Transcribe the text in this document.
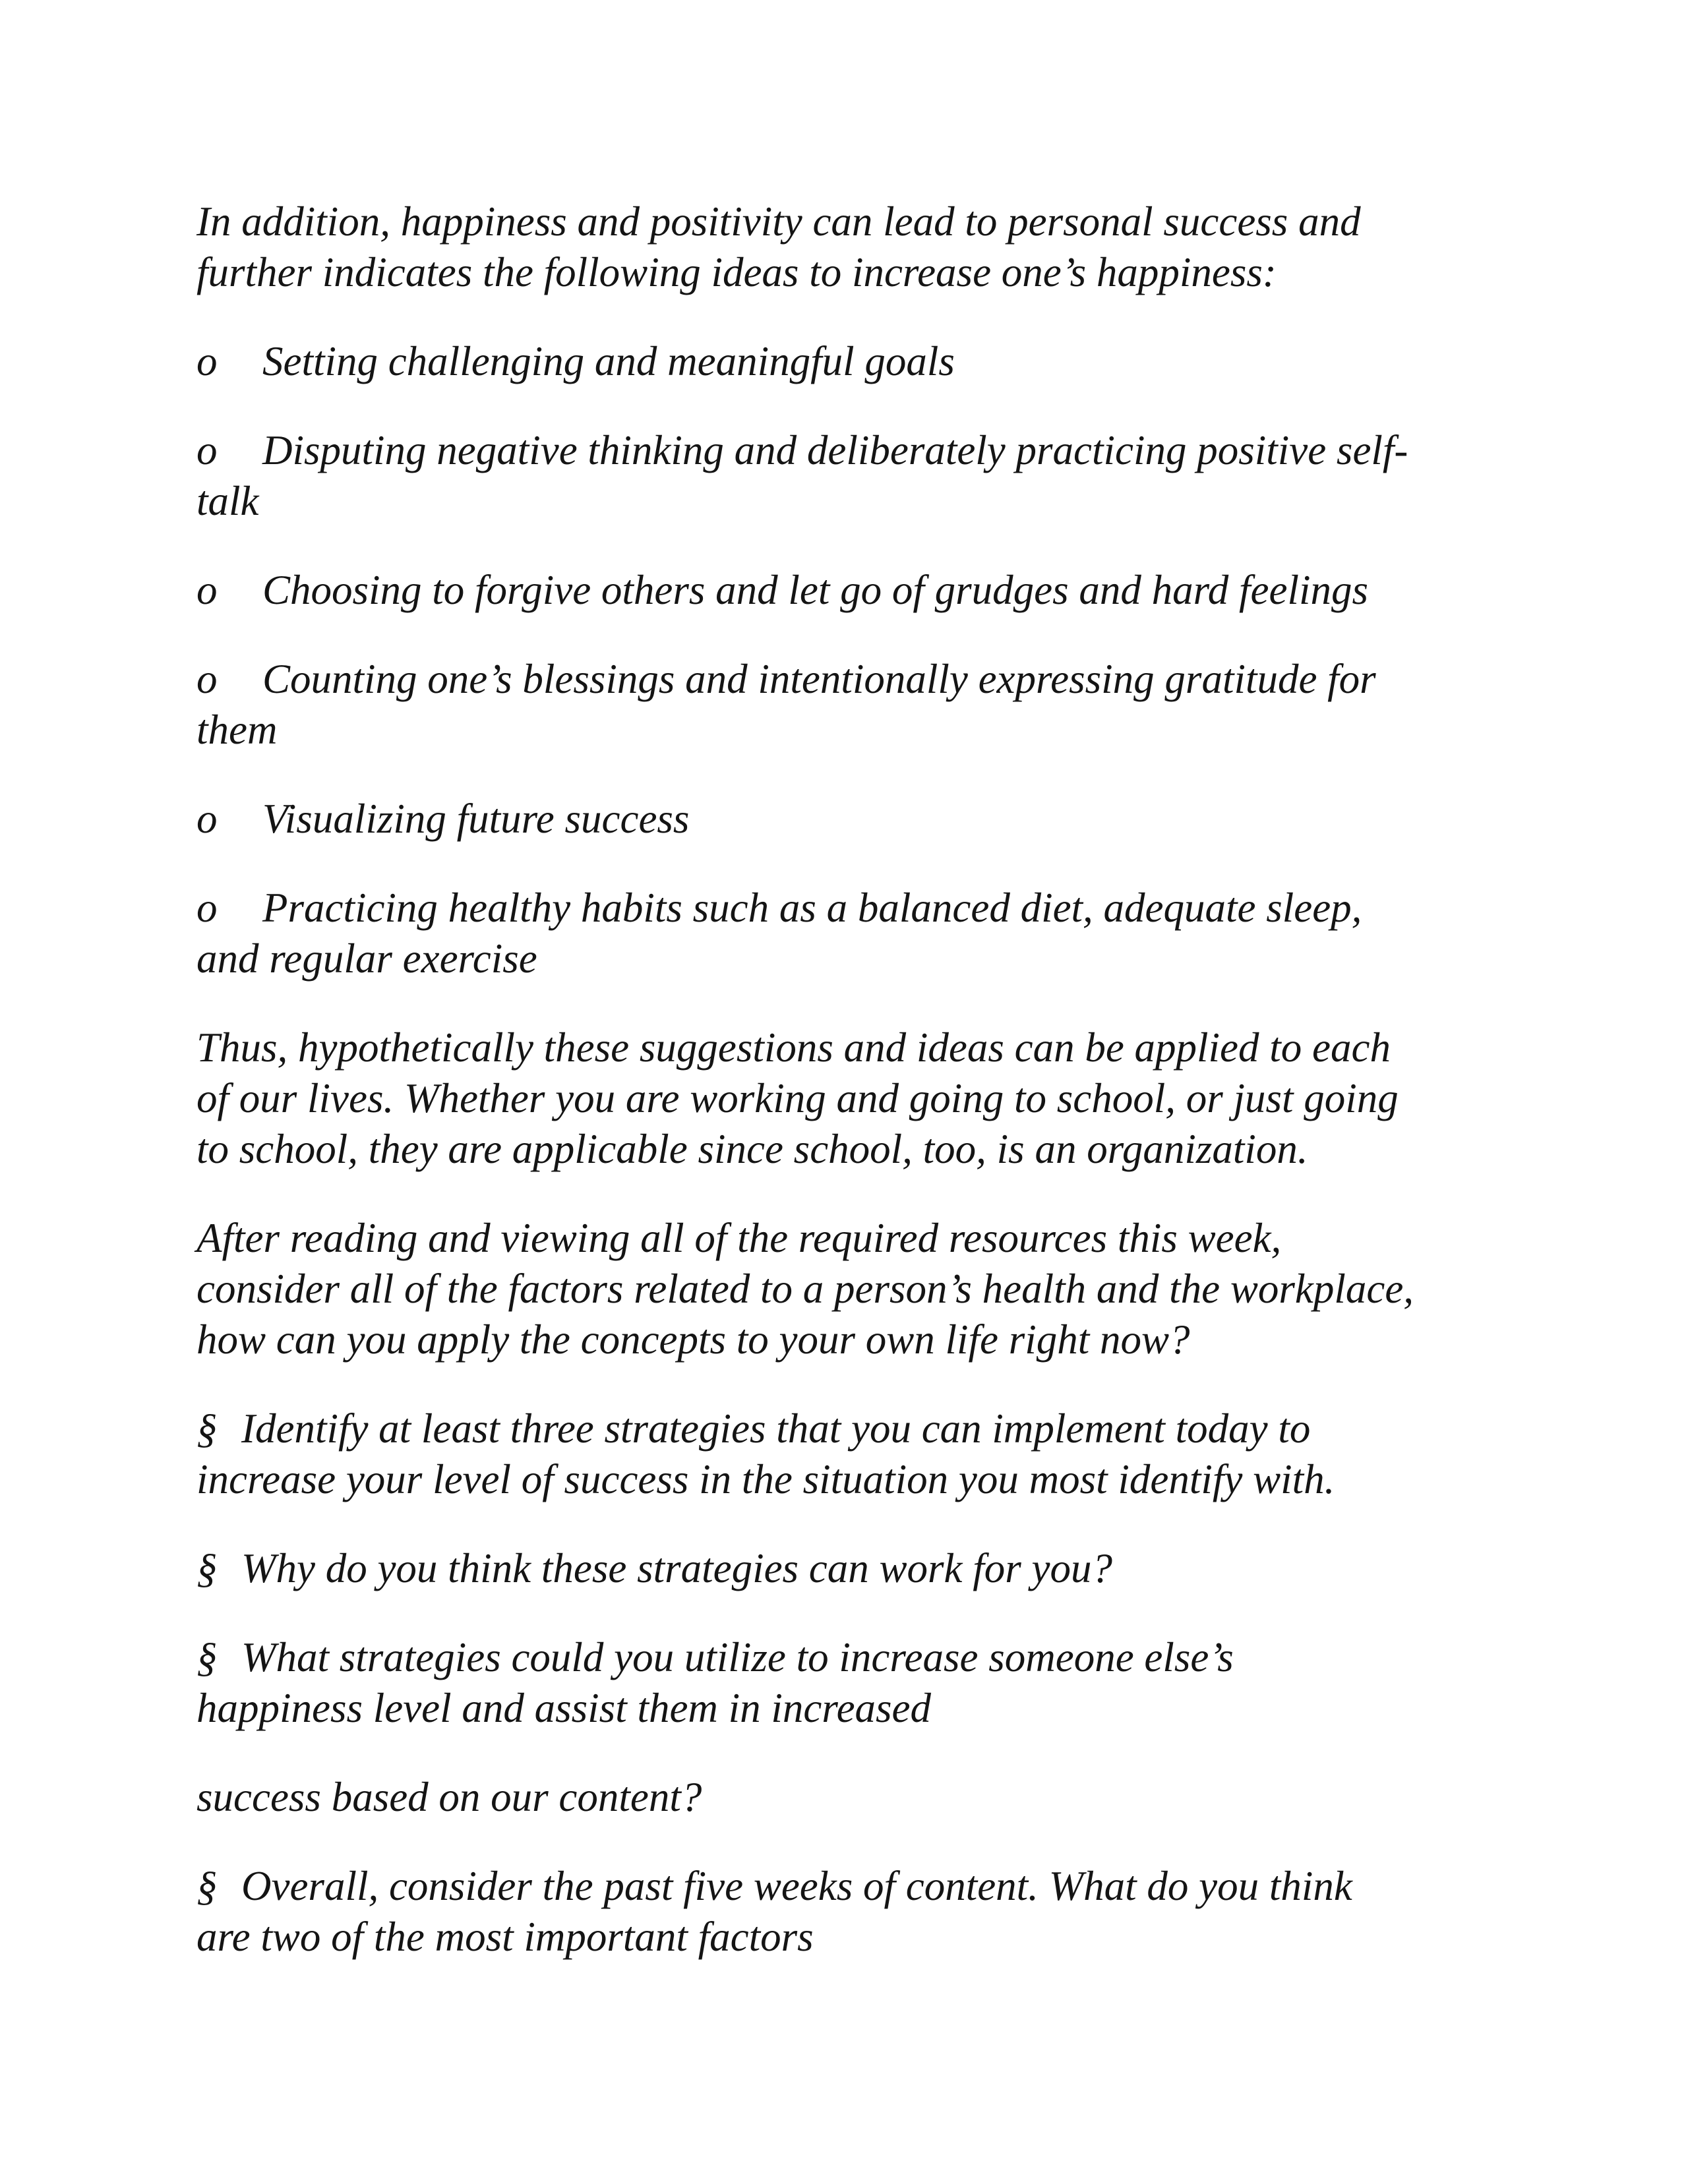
In addition, happiness and positivity can lead to personal success and
further indicates the following ideas to increase one’s happiness:

o Setting challenging and meaningful goals

o Disputing negative thinking and deliberately practicing positive self-
talk

o Choosing to forgive others and let go of grudges and hard feelings

o Counting one’s blessings and intentionally expressing gratitude for
them

o Visualizing future success

o Practicing healthy habits such as a balanced diet, adequate sleep,
and regular exercise

Thus, hypothetically these suggestions and ideas can be applied to each
of our lives. Whether you are working and going to school, or just going
to school, they are applicable since school, too, is an organization.

After reading and viewing all of the required resources this week,
consider all of the factors related to a person’s health and the workplace,
how can you apply the concepts to your own life right now?

§ Identify at least three strategies that you can implement today to
increase your level of success in the situation you most identify with.

§ Why do you think these strategies can work for you?

§ What strategies could you utilize to increase someone else’s
happiness level and assist them in increased

success based on our content?

§ Overall, consider the past five weeks of content. What do you think
are two of the most important factors
